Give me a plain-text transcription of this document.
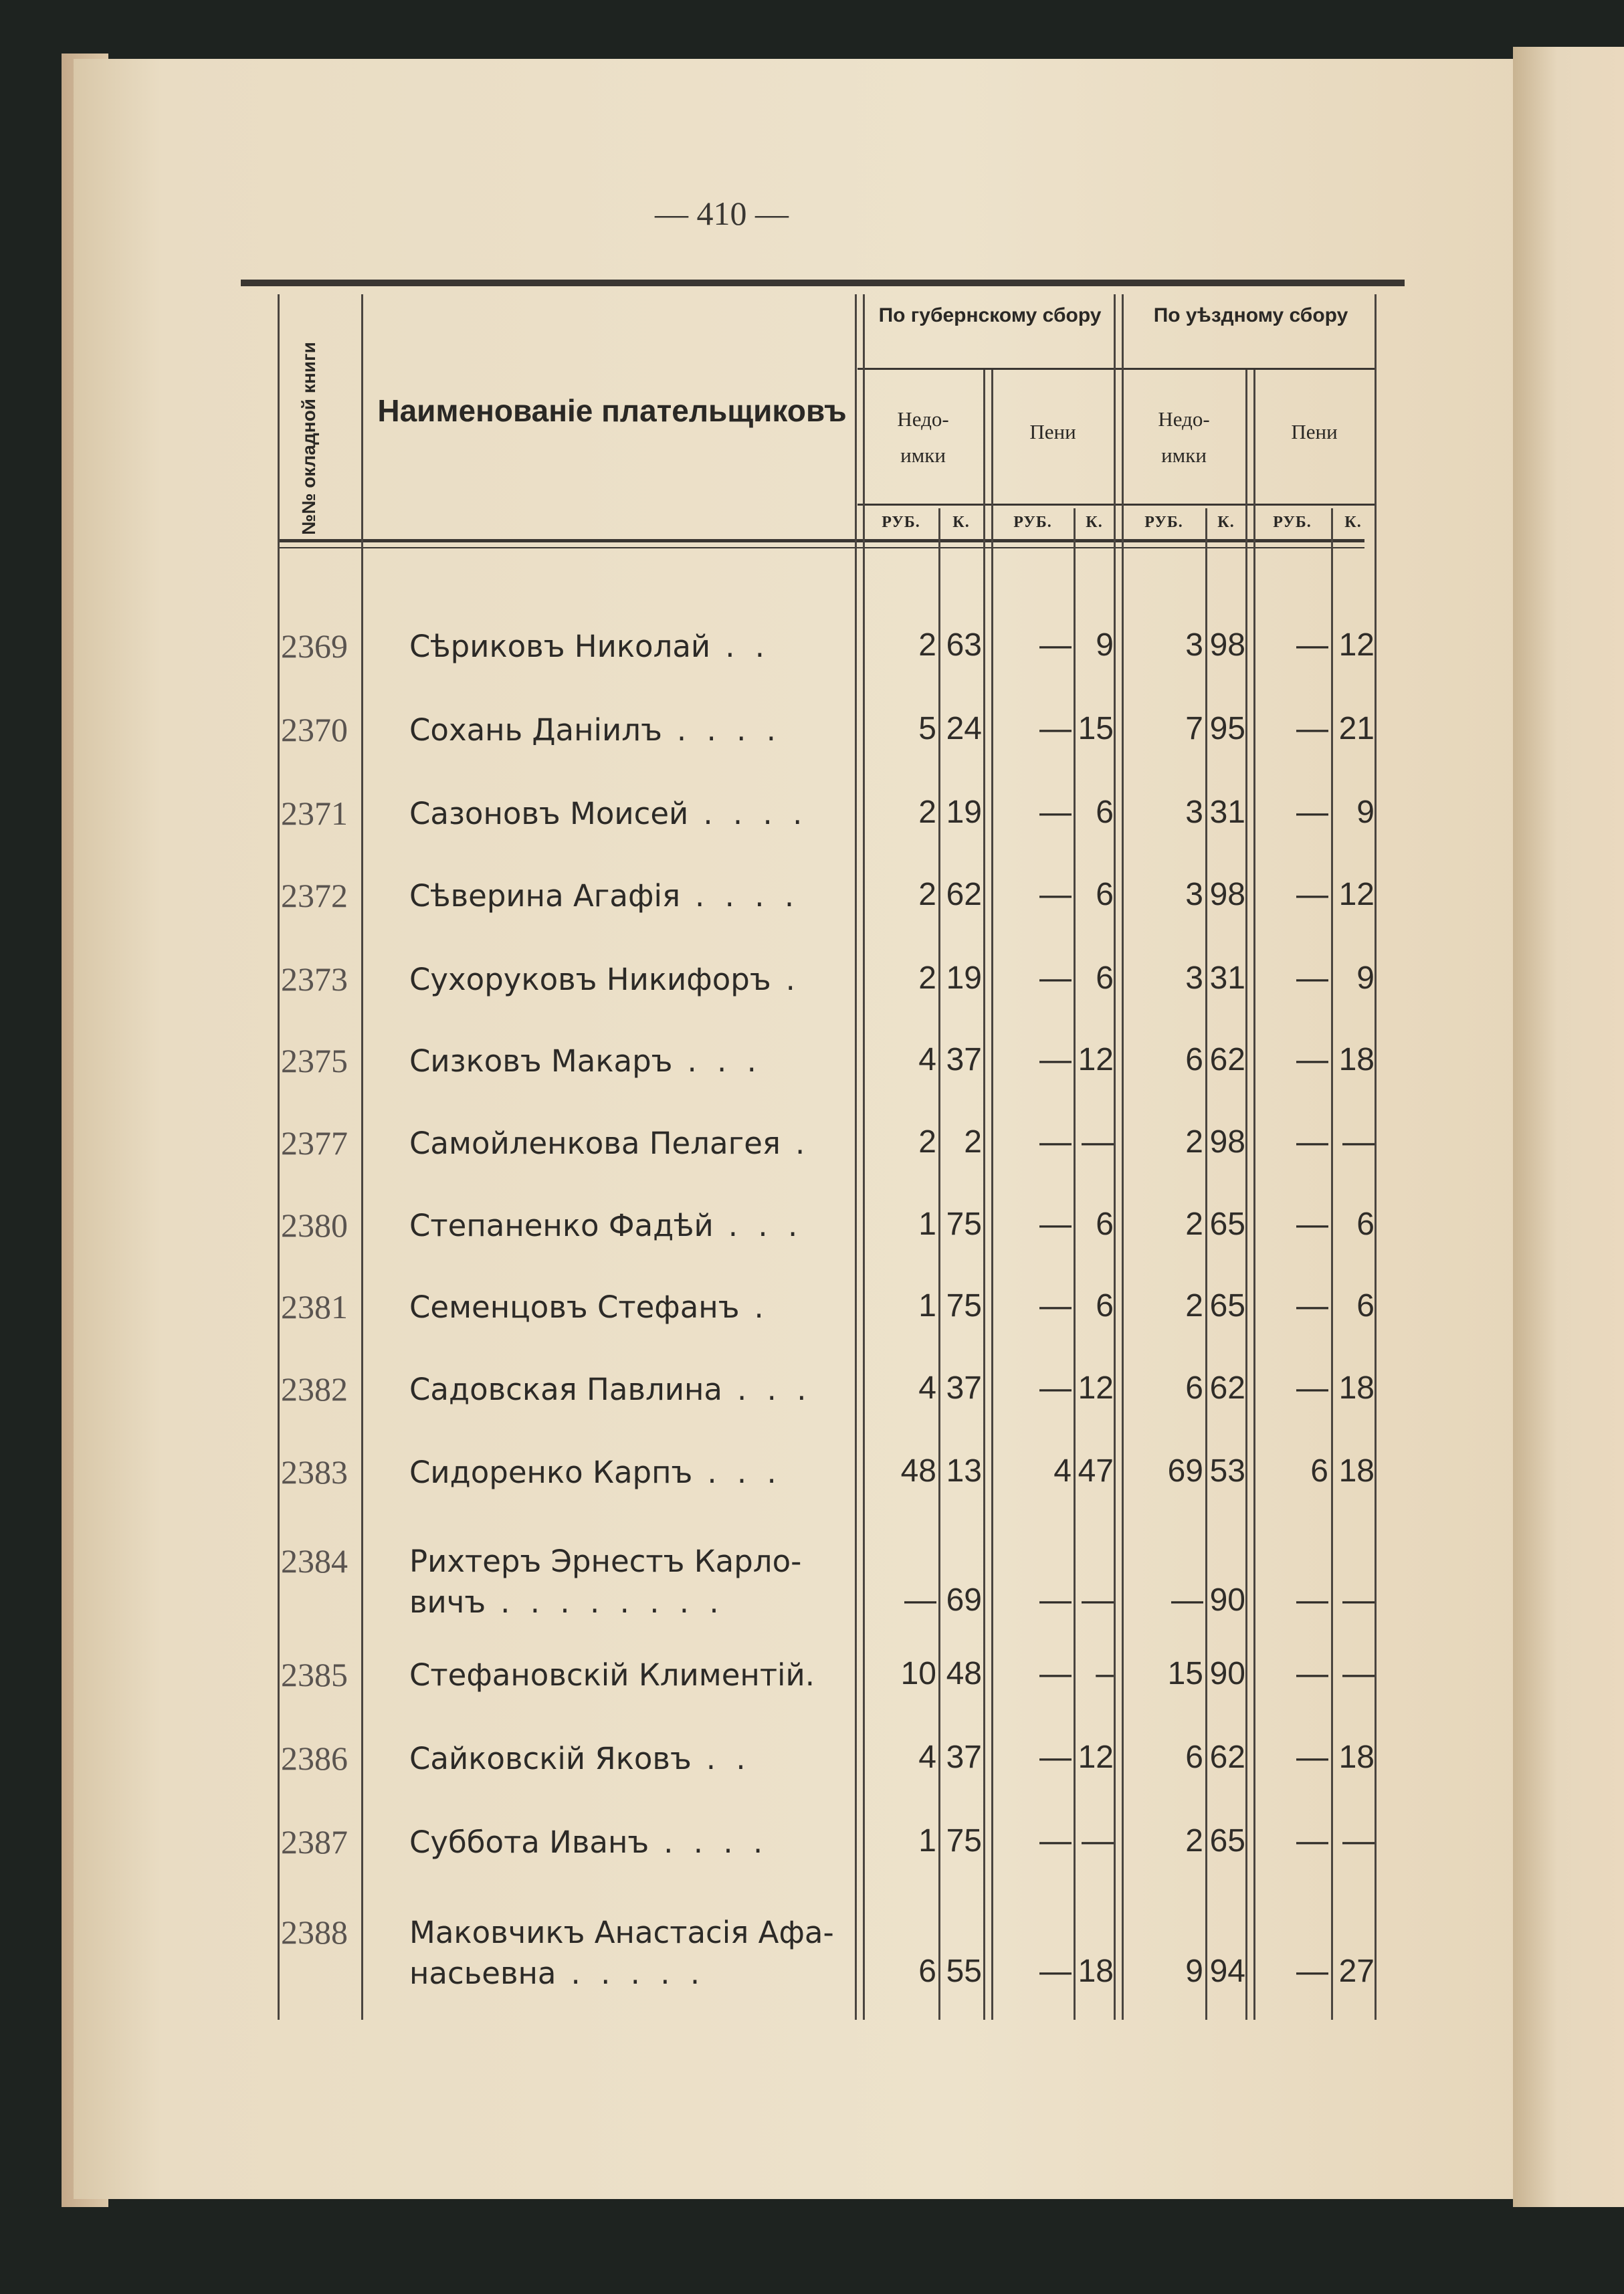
— 410 —
№№ окладной книги Наименованіе плательщиковъ
По губернскому сбору	По уѣздному сбору
Недо-
имки
Пени
Недо-
имки
Пени
РУБ.	К.	РУБ.	К.	РУБ.	К.	РУБ.	К.
2369	Сѣриковъ Николай . .	2 63	— 9	3 98	— 12
2370	Сохань Даніилъ . . . .	5 24	— 15	7 95	— 21
2371	Сазоновъ Моисей . . . .	2 19	— 6	3 31	— 9
2372	Сѣверина Агафія . . . .	2 62	— 6	3 98	— 12
2373	Сухоруковъ Никифоръ .	2 19	— 6	3 31	— 9
2375	Сизковъ Макаръ . . .	4 37	— 12	6 62	— 18
2377	Самойленкова Пелагея .	2 2	— —	2 98	— —
2380	Степаненко Фадѣй . . .	1 75	— 6	2 65	— 6
2381	Семенцовъ Стефанъ .	1 75	— 6	2 65	— 6
2382	Садовская Павлина . . .	4 37	— 12	6 62	— 18
2383	Сидоренко Карпъ . . .	48 13	4 47	69 53	6 18
2384	Рихтеръ Эрнестъ Карло-
вичъ . . . . . . . .	— 69	— —	— 90	— —
2385	Стефановскій Климентій.	10 48	— –	15 90	— —
2386	Сайковскій Яковъ . .	4 37	— 12	6 62	— 18
2387	Суббота Иванъ . . . .	1 75	— —	2 65	— —
2388	Маковчикъ Анастасія Афа-
насьевна . . . . .	6 55	— 18	9 94	— 27
